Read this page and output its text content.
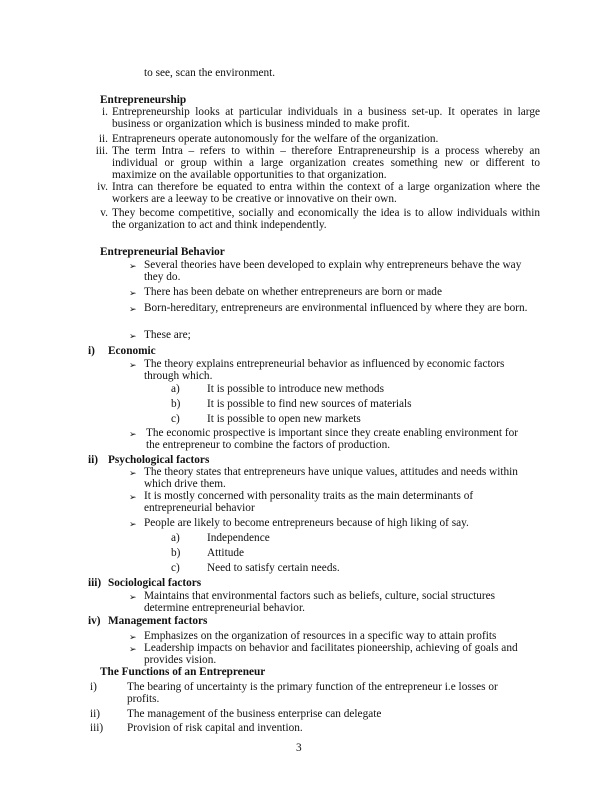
to see, scan the environment.
Entrepreneurship
i. Entrepreneurship looks at particular individuals in a business set-up. It operates in large business or organization which is business minded to make profit.
ii. Entrapreneurs operate autonomously for the welfare of the organization.
iii. The term Intra – refers to within – therefore Entrapreneurship is a process whereby an individual or group within a large organization creates something new or different to maximize on the available opportunities to that organization.
iv. Intra can therefore be equated to entra within the context of a large organization where the workers are a leeway to be creative or innovative on their own.
v. They become competitive, socially and economically the idea is to allow individuals within the organization to act and think independently.
Entrepreneurial Behavior
➢ Several theories have been developed to explain why entrepreneurs behave the way they do.
➢ There has been debate on whether entrepreneurs are born or made
➢ Born-hereditary, entrepreneurs are environmental influenced by where they are born.
➢ These are;
i) Economic
➢ The theory explains entrepreneurial behavior as influenced by economic factors through which.
a) It is possible to introduce new methods
b) It is possible to find new sources of materials
c) It is possible to open new markets
➢ The economic prospective is important since they create enabling environment for the entrepreneur to combine the factors of production.
ii) Psychological factors
➢ The theory states that entrepreneurs have unique values, attitudes and needs within which drive them.
➢ It is mostly concerned with personality traits as the main determinants of entrepreneurial behavior
➢ People are likely to become entrepreneurs because of high liking of say.
a) Independence
b) Attitude
c) Need to satisfy certain needs.
iii) Sociological factors
➢ Maintains that environmental factors such as beliefs, culture, social structures determine entrepreneurial behavior.
iv) Management factors
➢ Emphasizes on the organization of resources in a specific way to attain profits
➢ Leadership impacts on behavior and facilitates pioneership, achieving of goals and provides vision.
The Functions of an Entrepreneur
i)	The bearing of uncertainty is the primary function of the entrepreneur i.e losses or profits.
ii) The management of the business enterprise can delegate
iii) Provision of risk capital and invention.
3
